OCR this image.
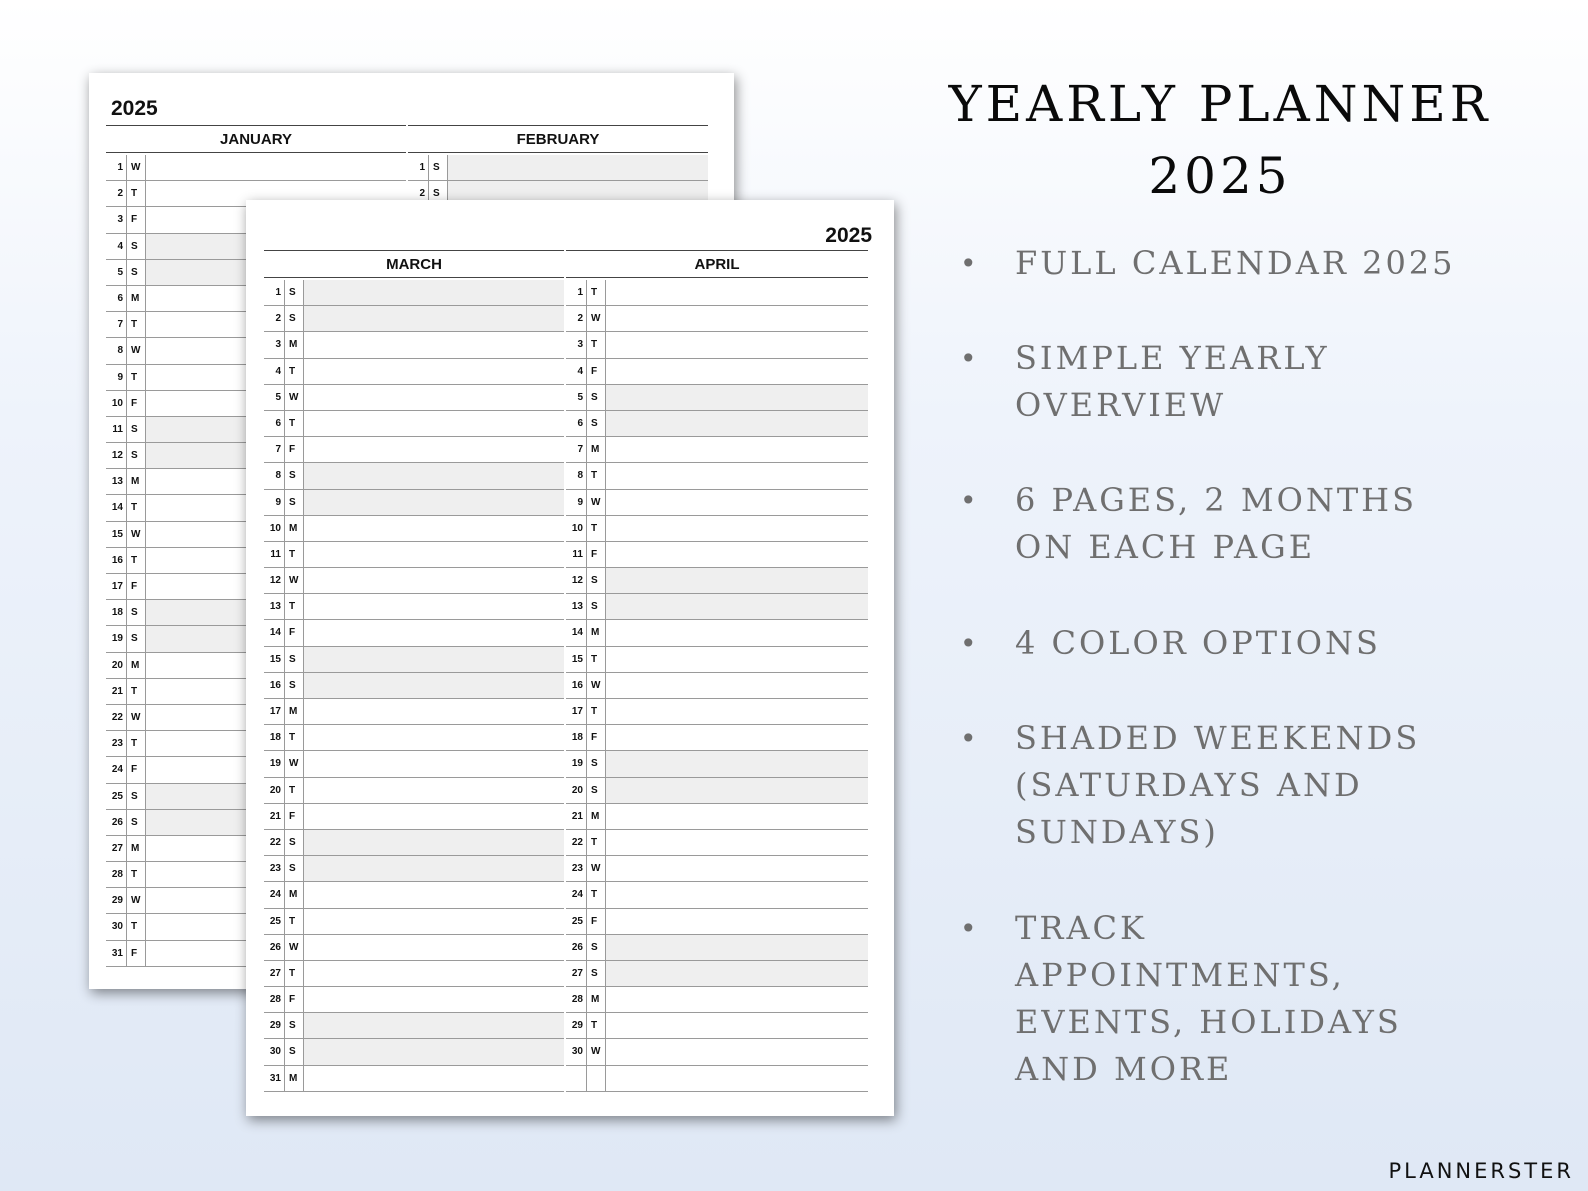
2025
JANUARY	FEBRUARY
1 W
2 T
3 F
4 S
5 S
6 M
7 T
8 W
9 T
10 F
11 S
12 S
13 M
14 T
15 W
16 T
17 F
18 S
19 S
20 M
21 T
22 W
23 T
24 F
25 S
26 S
27 M
28 T
29 W
30 T
31 F
1 S
2 S
2025
MARCH	APRIL
1 S
2 S
3 M
4 T
5 W
6 T
7 F
8 S
9 S
10 M
11 T
12 W
13 T
14 F
15 S
16 S
17 M
18 T
19 W
20 T
21 F
22 S
23 S
24 M
25 T
26 W
27 T
28 F
29 S
30 S
31 M
1 T
2 W
3 T
4 F
5 S
6 S
7 M
8 T
9 W
10 T
11 F
12 S
13 S
14 M
15 T
16 W
17 T
18 F
19 S
20 S
21 M
22 T
23 W
24 T
25 F
26 S
27 S
28 M
29 T
30 W
YEARLY PLANNER
2025
• FULL CALENDAR 2025
• SIMPLE YEARLY OVERVIEW
• 6 PAGES, 2 MONTHS ON EACH PAGE
• 4 COLOR OPTIONS
• SHADED WEEKENDS (SATURDAYS AND SUNDAYS)
• TRACK APPOINTMENTS, EVENTS, HOLIDAYS AND MORE
PLANNERSTER
